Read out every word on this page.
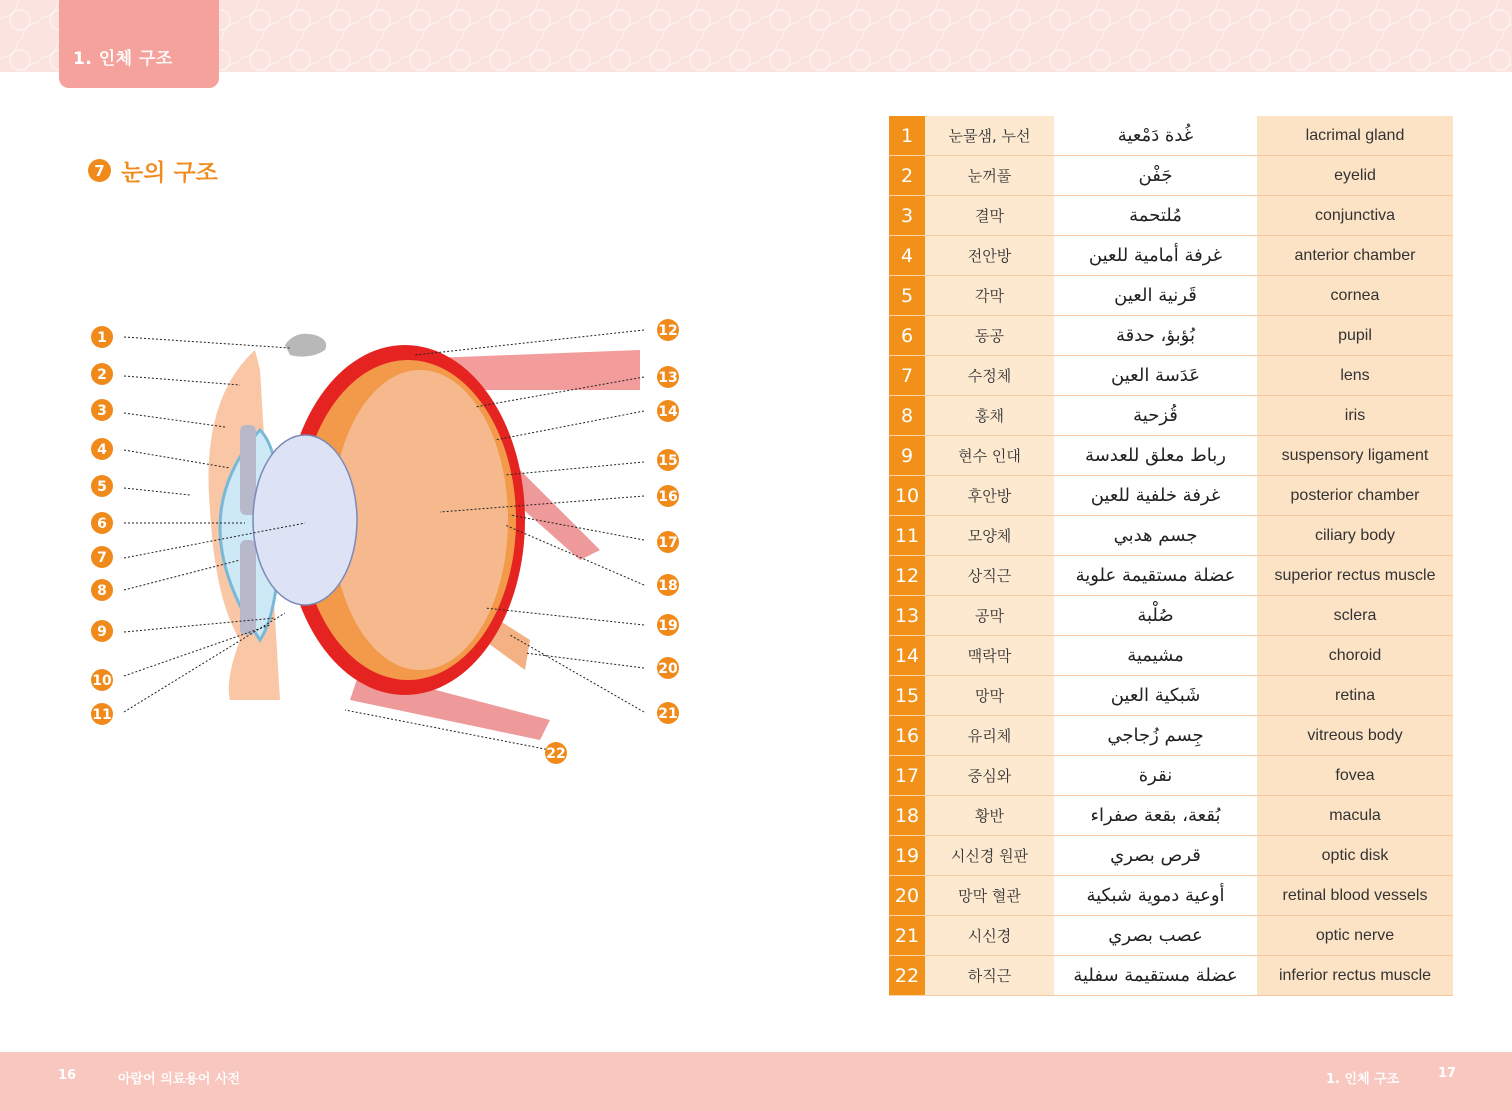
1. 인체 구조
7 눈의 구조
1
2
3
4
5
6
7
8
9
10
11
12
13
14
15
16
17
18
19
20
21
22
1	눈물샘, 누선	غُدة دَمْعية	lacrimal gland
2	눈꺼풀	جَفْن	eyelid
3	결막	مُلتحمة	conjunctiva
4	전안방	غرفة أمامية للعين	anterior chamber
5	각막	قَرنية العين	cornea
6	동공	بُؤبؤ، حدقة	pupil
7	수정체	عَدَسة العين	lens
8	홍채	قُزحية	iris
9	현수 인대	رباط معلق للعدسة	suspensory ligament
10	후안방	غرفة خلفية للعين	posterior chamber
11	모양체	جسم هدبي	ciliary body
12	상직근	عضلة مستقيمة علوية	superior rectus muscle
13	공막	صُلْبة	sclera
14	맥락막	مشيمية	choroid
15	망막	شَبكية العين	retina
16	유리체	جِسم زُجاجي	vitreous body
17	중심와	نقرة	fovea
18	황반	بُقعة، بقعة صفراء	macula
19	시신경 원판	قرص بصري	optic disk
20	망막 혈관	أوعية دموية شبكية	retinal blood vessels
21	시신경	عصب بصري	optic nerve
22	하직근	عضلة مستقيمة سفلية	inferior rectus muscle
16	아랍어 의료용어 사전	1. 인체 구조	17
